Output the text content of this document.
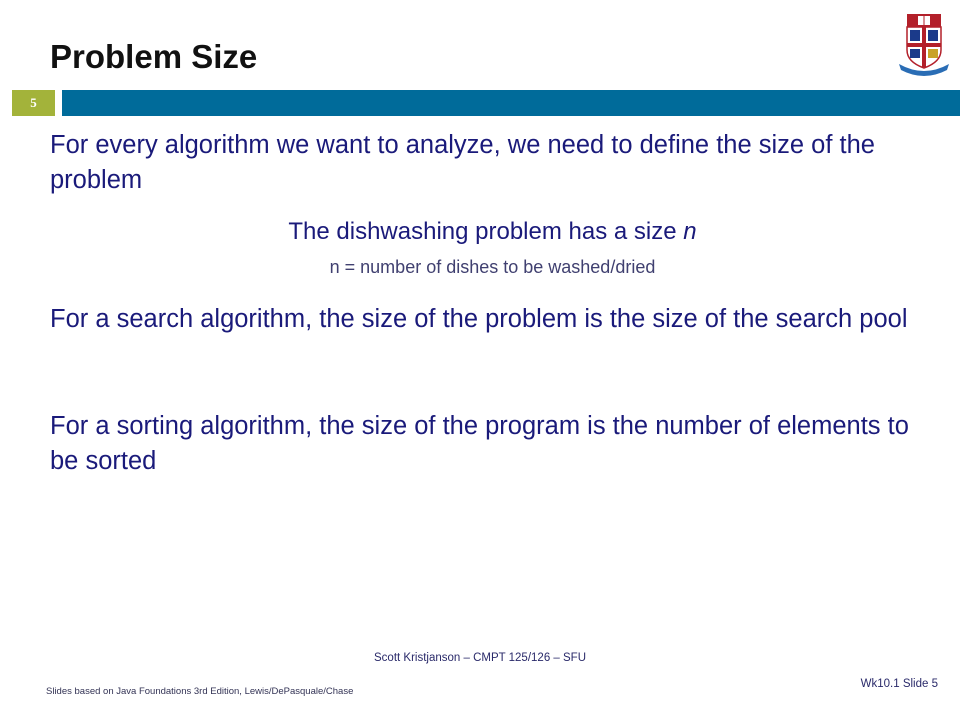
Problem Size
5

For every algorithm we want to analyze, we need to define the size of the problem

The dishwashing problem has a size n

n = number of dishes to be washed/dried

For a search algorithm, the size of the problem is the size of the search pool

For a sorting algorithm, the size of the program is the number of elements to be sorted

Scott Kristjanson – CMPT 125/126 – SFU
Slides based on Java Foundations 3rd Edition, Lewis/DePasquale/Chase
Wk10.1 Slide 5
